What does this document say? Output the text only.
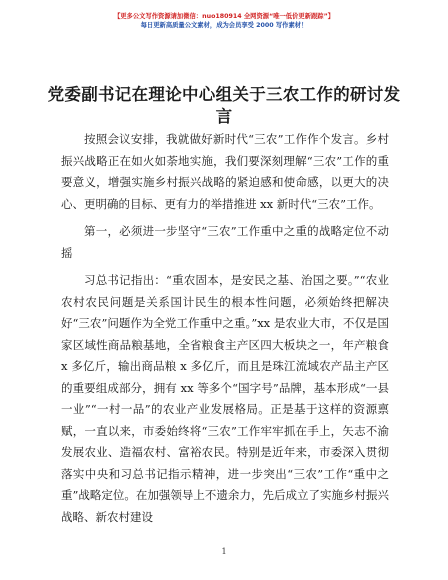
【更多公文写作资源请加微信：nuo180914 全网资源“唯一低价更新跟踪”】
每日更新高质量公文素材，成为会员享受 2000 写作素材！
党委副书记在理论中心组关于三农工作的研讨发言

按照会议安排，我就做好新时代“三农”工作作个发言。乡村振兴战略正在如火如荼地实施，我们要深刻理解“三农”工作的重要意义，增强实施乡村振兴战略的紧迫感和使命感，以更大的决心、更明确的目标、更有力的举措推进 xx 新时代“三农”工作。

第一，必须进一步坚守“三农”工作重中之重的战略定位不动摇

习总书记指出：“重农固本，是安民之基、治国之要。”“农业农村农民问题是关系国计民生的根本性问题，必须始终把解决好“三农”问题作为全党工作重中之重。”xx 是农业大市，不仅是国家区域性商品粮基地，全省粮食主产区四大板块之一，年产粮食 x 多亿斤，输出商品粮 x 多亿斤，而且是珠江流域农产品主产区的重要组成部分，拥有 xx 等多个“国字号”品牌，基本形成“一县一业”“一村一品”的农业产业发展格局。正是基于这样的资源禀赋，一直以来，市委始终将“三农”工作牢牢抓在手上，矢志不渝发展农业、造福农村、富裕农民。特别是近年来，市委深入贯彻落实中央和习总书记指示精神，进一步突出“三农”工作“重中之重”战略定位。在加强领导上不遗余力，先后成立了实施乡村振兴战略、新农村建设

1
